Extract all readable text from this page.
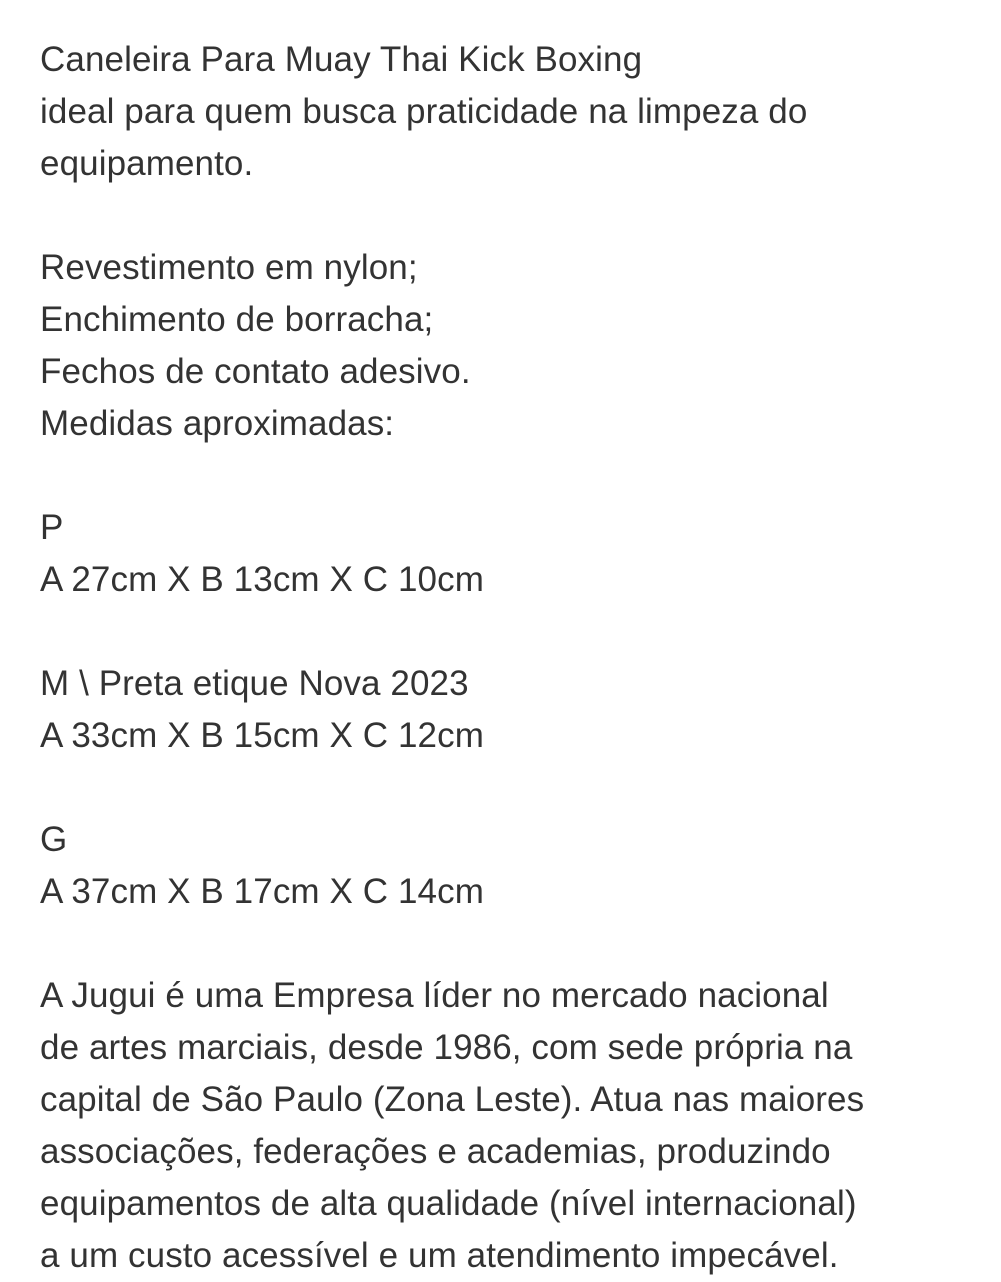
Caneleira Para Muay Thai Kick Boxing
ideal para quem busca praticidade na limpeza do
equipamento.
Revestimento em nylon;
Enchimento de borracha;
Fechos de contato adesivo.
Medidas aproximadas:
P
A 27cm X B 13cm X C 10cm
M \ Preta etique Nova 2023
A 33cm X B 15cm X C 12cm
G
A 37cm X B 17cm X C 14cm
A Jugui é uma Empresa líder no mercado nacional
de artes marciais, desde 1986, com sede própria na
capital de São Paulo (Zona Leste). Atua nas maiores
associações, federações e academias, produzindo
equipamentos de alta qualidade (nível internacional)
a um custo acessível e um atendimento impecável.
